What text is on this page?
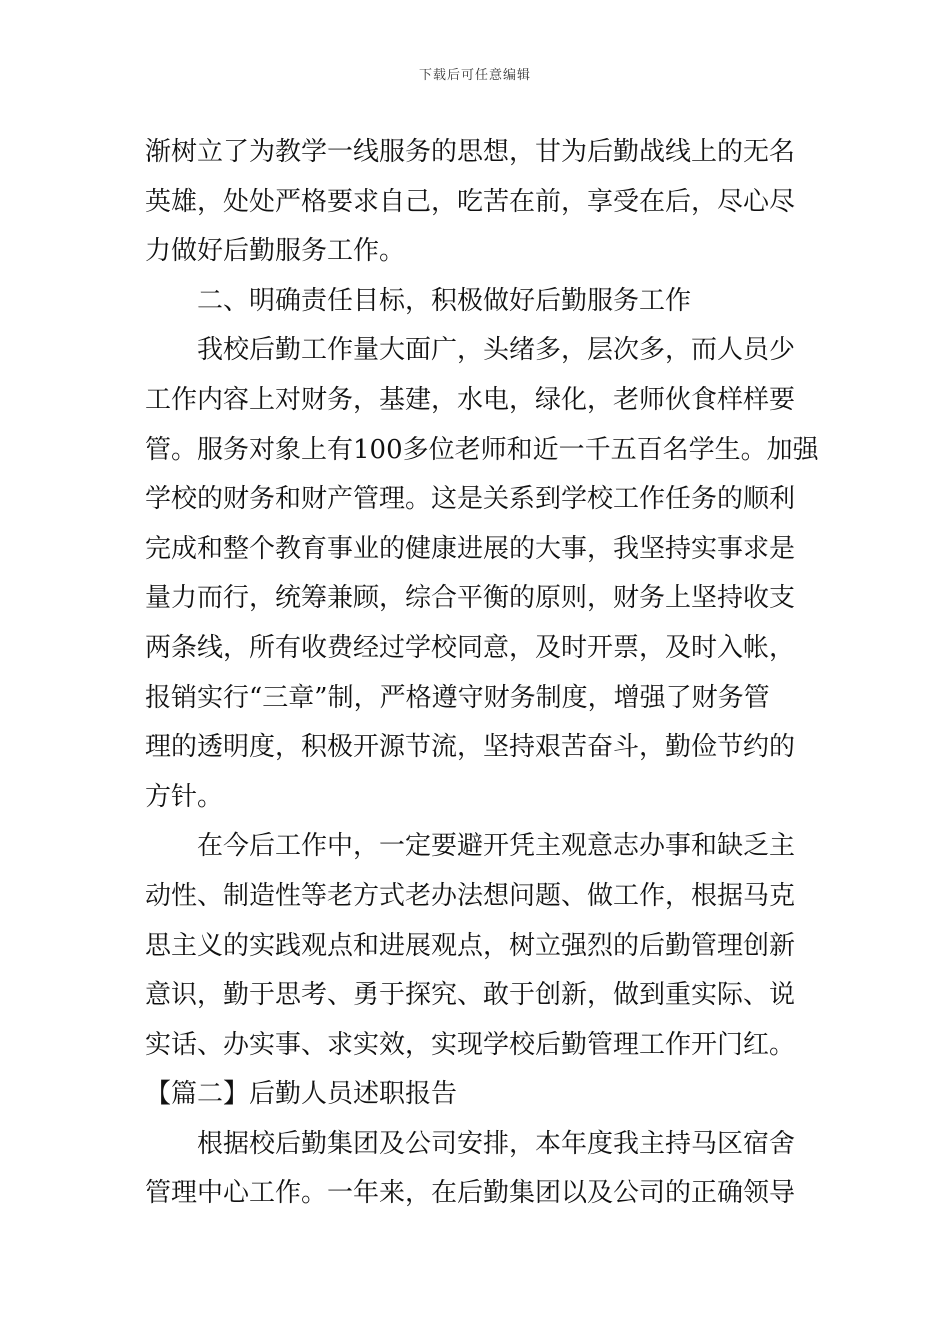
下载后可任意编辑
渐树立了为教学一线服务的思想，甘为后勤战线上的无名
英雄，处处严格要求自己，吃苦在前，享受在后，尽心尽
力做好后勤服务工作。
二、明确责任目标，积极做好后勤服务工作
我校后勤工作量大面广，头绪多，层次多，而人员少
工作内容上对财务，基建，水电，绿化，老师伙食样样要
管。服务对象上有100多位老师和近一千五百名学生。加强
学校的财务和财产管理。这是关系到学校工作任务的顺利
完成和整个教育事业的健康进展的大事，我坚持实事求是
量力而行，统筹兼顾，综合平衡的原则，财务上坚持收支
两条线，所有收费经过学校同意，及时开票，及时入帐，
报销实行“三章”制，严格遵守财务制度，增强了财务管
理的透明度，积极开源节流，坚持艰苦奋斗，勤俭节约的
方针。
在今后工作中，一定要避开凭主观意志办事和缺乏主
动性、制造性等老方式老办法想问题、做工作，根据马克
思主义的实践观点和进展观点，树立强烈的后勤管理创新
意识，勤于思考、勇于探究、敢于创新，做到重实际、说
实话、办实事、求实效，实现学校后勤管理工作开门红。
【篇二】后勤人员述职报告
根据校后勤集团及公司安排，本年度我主持马区宿舍
管理中心工作。一年来，在后勤集团以及公司的正确领导
